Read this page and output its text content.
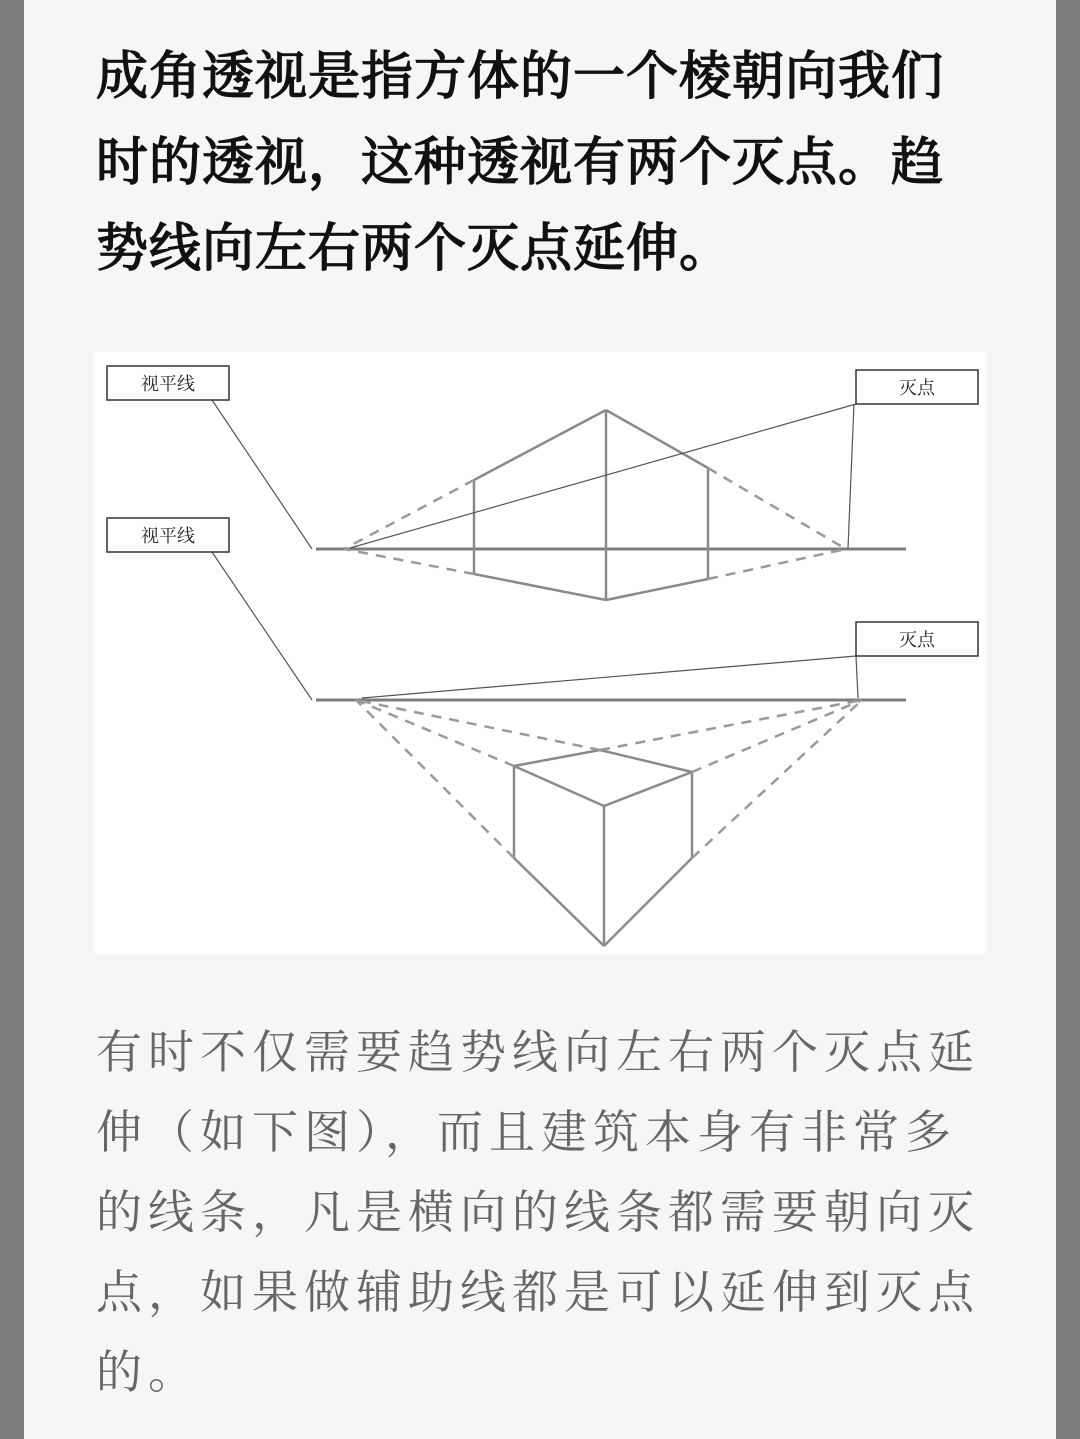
成角透视是指方体的一个棱朝向我们时的透视，这种透视有两个灭点。趋势线向左右两个灭点延伸。

视平线	灭点
视平线
灭点

有时不仅需要趋势线向左右两个灭点延伸（如下图），而且建筑本身有非常多的线条，凡是横向的线条都需要朝向灭点，如果做辅助线都是可以延伸到灭点的。
